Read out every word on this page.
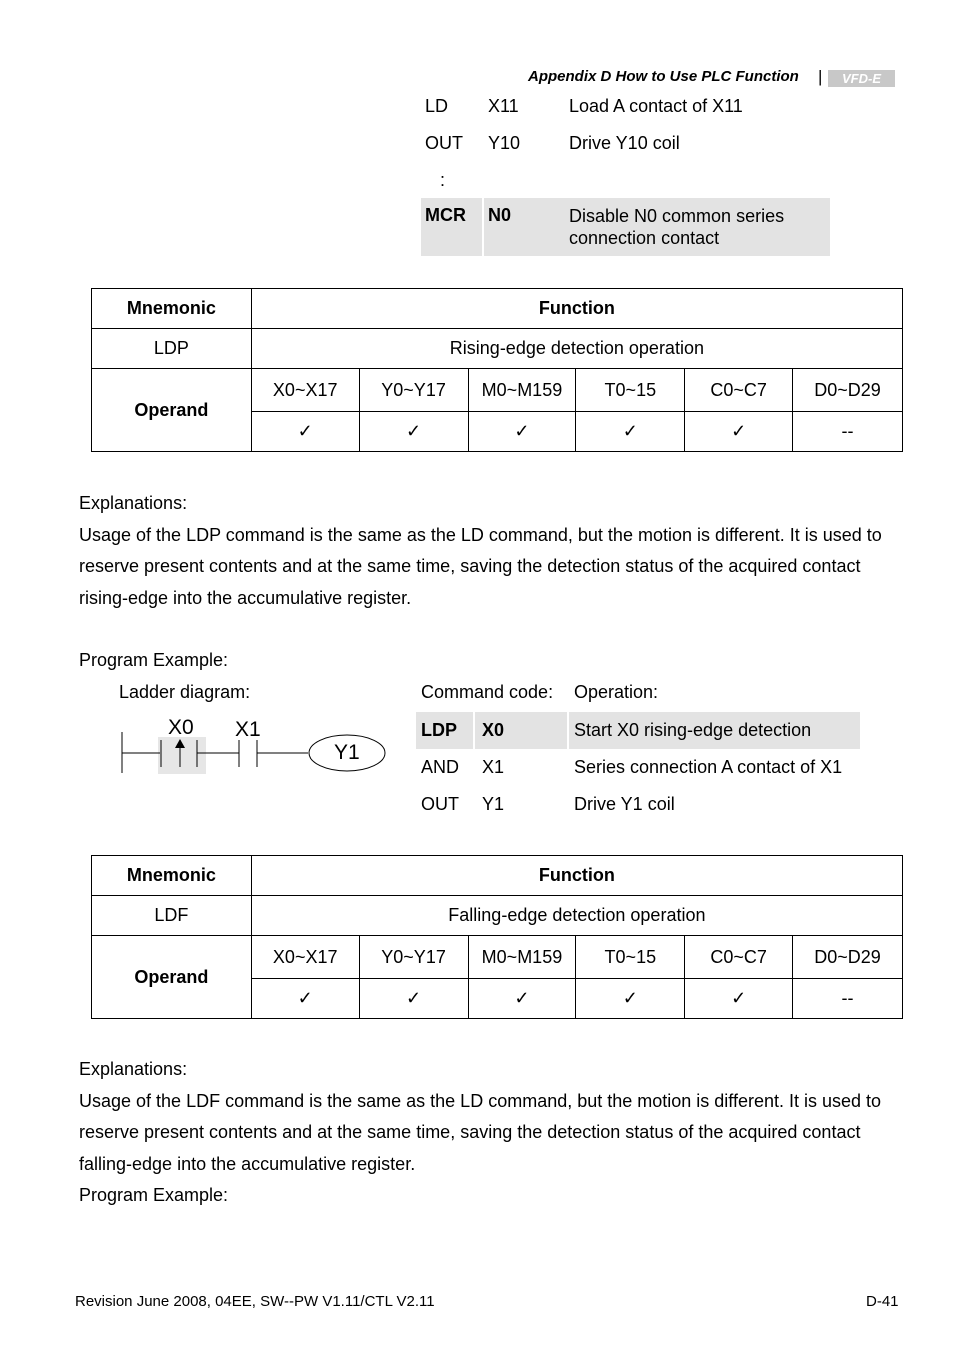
Appendix D How to Use PLC Function |	VFD-E
LD X11	Load A contact of X11
OUT Y10	Drive Y10 coil
:
MCR N0	Disable N0 common series
connection contact
Mnemonic	Function					
LDP	Rising-edge detection operation					
Operand	X0~X17	Y0~Y17	M0~M159	T0~15	C0~C7	D0~D29
	✓	✓	✓	✓	✓	--
Explanations:
Usage of the LDP command is the same as the LD command, but the motion is different. It is used to
reserve present contents and at the same time, saving the detection status of the acquired contact
rising-edge into the accumulative register.
Program Example:
Ladder diagram:	Command code: Operation:
X0 X1
Y1
LDP X0	Start X0 rising-edge detection
AND X1	Series connection A contact of X1
OUT Y1	Drive Y1 coil
Mnemonic	Function					
LDF	Falling-edge detection operation					
Operand	X0~X17	Y0~Y17	M0~M159	T0~15	C0~C7	D0~D29
	✓	✓	✓	✓	✓	--
Explanations:
Usage of the LDF command is the same as the LD command, but the motion is different. It is used to
reserve present contents and at the same time, saving the detection status of the acquired contact
falling-edge into the accumulative register.
Program Example:
Revision June 2008, 04EE, SW--PW V1.11/CTL V2.11	D-41
